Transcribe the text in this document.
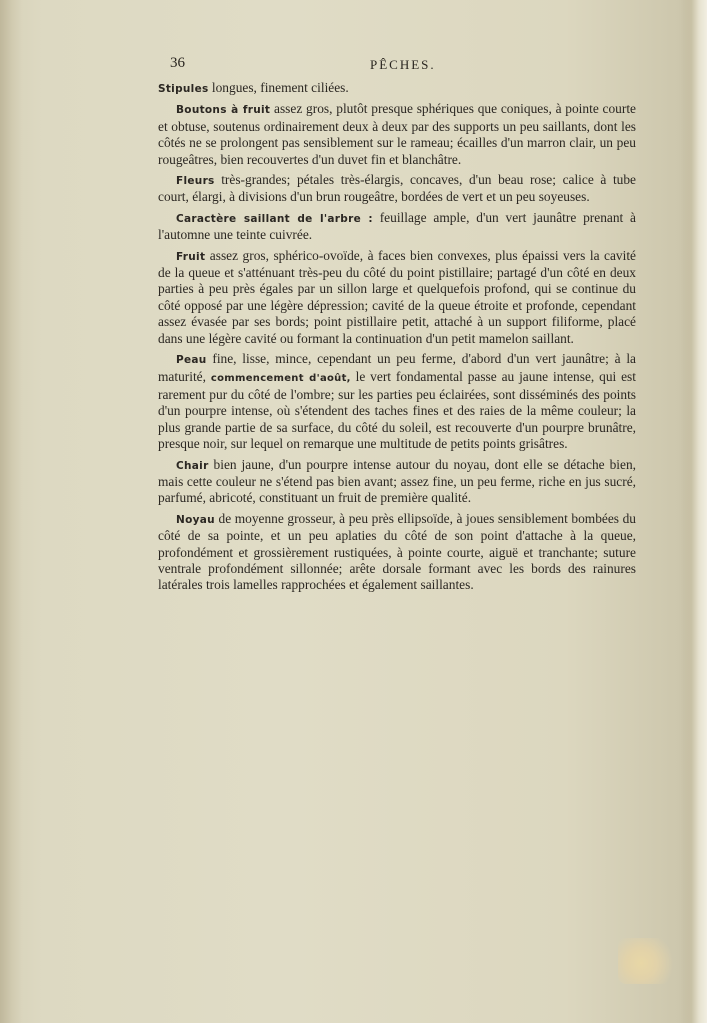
36	PÊCHES.

Stipules longues, finement ciliées.

Boutons à fruit assez gros, plutôt presque sphériques que coniques, à pointe courte et obtuse, soutenus ordinairement deux à deux par des supports un peu saillants, dont les côtés ne se prolongent pas sensiblement sur le rameau; écailles d'un marron clair, un peu rougeâtres, bien recouvertes d'un duvet fin et blanchâtre.

Fleurs très-grandes; pétales très-élargis, concaves, d'un beau rose; calice à tube court, élargi, à divisions d'un brun rougeâtre, bordées de vert et un peu soyeuses.

Caractère saillant de l'arbre : feuillage ample, d'un vert jaunâtre prenant à l'automne une teinte cuivrée.

Fruit assez gros, sphérico-ovoïde, à faces bien convexes, plus épaissi vers la cavité de la queue et s'atténuant très-peu du côté du point pistillaire; partagé d'un côté en deux parties à peu près égales par un sillon large et quelquefois profond, qui se continue du côté opposé par une légère dépression; cavité de la queue étroite et profonde, cependant assez évasée par ses bords; point pistillaire petit, attaché à un support filiforme, placé dans une légère cavité ou formant la continuation d'un petit mamelon saillant.

Peau fine, lisse, mince, cependant un peu ferme, d'abord d'un vert jaunâtre; à la maturité, commencement d'août, le vert fondamental passe au jaune intense, qui est rarement pur du côté de l'ombre; sur les parties peu éclairées, sont disséminés des points d'un pourpre intense, où s'étendent des taches fines et des raies de la même couleur; la plus grande partie de sa surface, du côté du soleil, est recouverte d'un pourpre brunâtre, presque noir, sur lequel on remarque une multitude de petits points grisâtres.

Chair bien jaune, d'un pourpre intense autour du noyau, dont elle se détache bien, mais cette couleur ne s'étend pas bien avant; assez fine, un peu ferme, riche en jus sucré, parfumé, abricoté, constituant un fruit de première qualité.

Noyau de moyenne grosseur, à peu près ellipsoïde, à joues sensiblement bombées du côté de sa pointe, et un peu aplaties du côté de son point d'attache à la queue, profondément et grossièrement rustiquées, à pointe courte, aiguë et tranchante; suture ventrale profondément sillonnée; arête dorsale formant avec les bords des rainures latérales trois lamelles rapprochées et également saillantes.
